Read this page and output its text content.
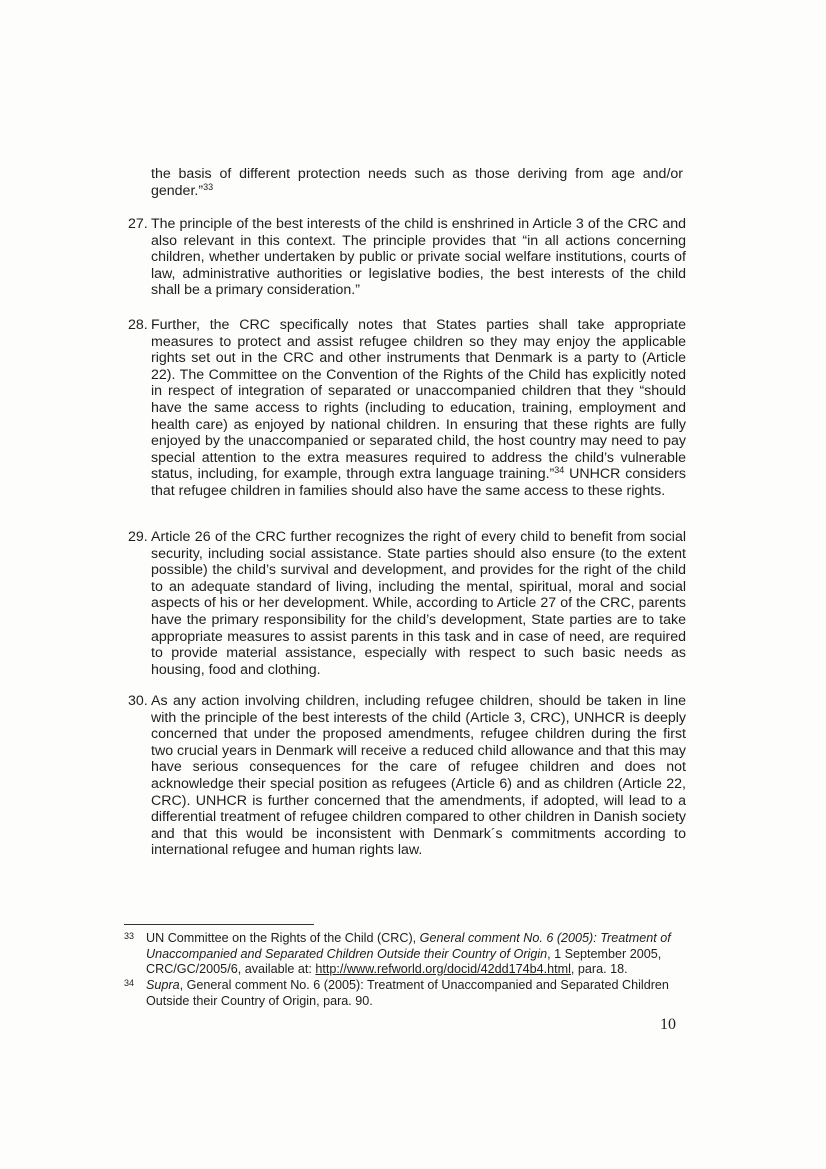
the basis of different protection needs such as those deriving from age and/or gender.”$^{33}$
27. The principle of the best interests of the child is enshrined in Article 3 of the CRC and also relevant in this context. The principle provides that “in all actions concerning children, whether undertaken by public or private social welfare institutions, courts of law, administrative authorities or legislative bodies, the best interests of the child shall be a primary consideration.”
28. Further, the CRC specifically notes that States parties shall take appropriate measures to protect and assist refugee children so they may enjoy the applicable rights set out in the CRC and other instruments that Denmark is a party to (Article 22). The Committee on the Convention of the Rights of the Child has explicitly noted in respect of integration of separated or unaccompanied children that they “should have the same access to rights (including to education, training, employment and health care) as enjoyed by national children. In ensuring that these rights are fully enjoyed by the unaccompanied or separated child, the host country may need to pay special attention to the extra measures required to address the child’s vulnerable status, including, for example, through extra language training.”$^{34}$ UNHCR considers that refugee children in families should also have the same access to these rights.
29. Article 26 of the CRC further recognizes the right of every child to benefit from social security, including social assistance. State parties should also ensure (to the extent possible) the child’s survival and development, and provides for the right of the child to an adequate standard of living, including the mental, spiritual, moral and social aspects of his or her development. While, according to Article 27 of the CRC, parents have the primary responsibility for the child’s development, State parties are to take appropriate measures to assist parents in this task and in case of need, are required to provide material assistance, especially with respect to such basic needs as housing, food and clothing.
30. As any action involving children, including refugee children, should be taken in line with the principle of the best interests of the child (Article 3, CRC), UNHCR is deeply concerned that under the proposed amendments, refugee children during the first two crucial years in Denmark will receive a reduced child allowance and that this may have serious consequences for the care of refugee children and does not acknowledge their special position as refugees (Article 6) and as children (Article 22, CRC). UNHCR is further concerned that the amendments, if adopted, will lead to a differential treatment of refugee children compared to other children in Danish society and that this would be inconsistent with Denmark´s commitments according to international refugee and human rights law.
33 UN Committee on the Rights of the Child (CRC), General comment No. 6 (2005): Treatment of Unaccompanied and Separated Children Outside their Country of Origin, 1 September 2005, CRC/GC/2005/6, available at: http://www.refworld.org/docid/42dd174b4.html, para. 18.
34 Supra, General comment No. 6 (2005): Treatment of Unaccompanied and Separated Children Outside their Country of Origin, para. 90.
10
